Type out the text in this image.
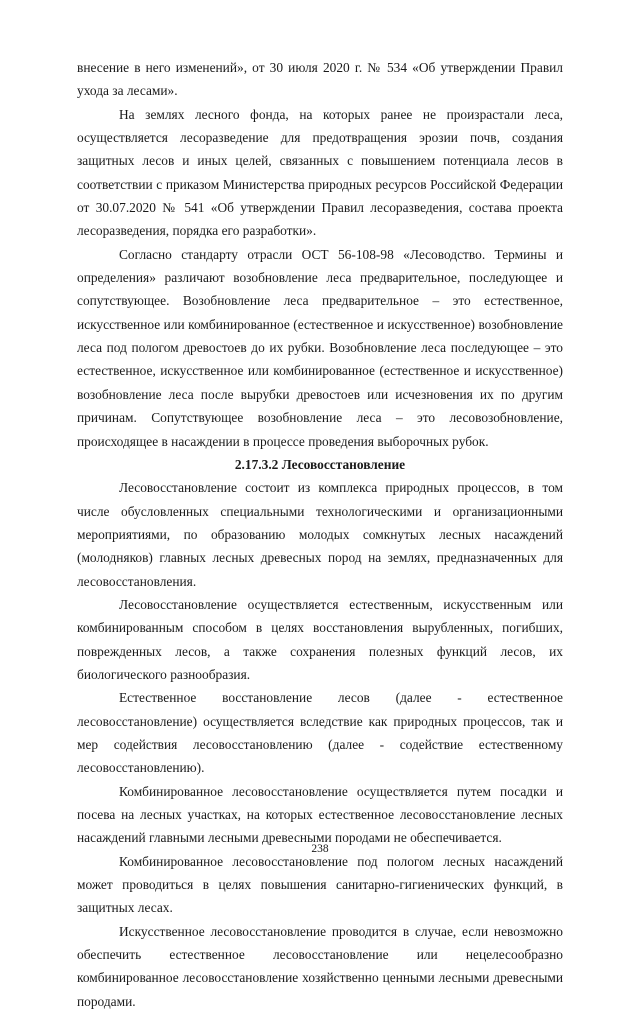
внесение в него изменений», от 30 июля 2020 г. № 534 «Об утверждении Правил ухода за лесами».

На землях лесного фонда, на которых ранее не произрастали леса, осуществляется лесоразведение для предотвращения эрозии почв, создания защитных лесов и иных целей, связанных с повышением потенциала лесов в соответствии с приказом Министерства природных ресурсов Российской Федерации от 30.07.2020 № 541 «Об утверждении Правил лесоразведения, состава проекта лесоразведения, порядка его разработки».

Согласно стандарту отрасли ОСТ 56-108-98 «Лесоводство. Термины и определения» различают возобновление леса предварительное, последующее и сопутствующее. Возобновление леса предварительное – это естественное, искусственное или комбинированное (естественное и искусственное) возобновление леса под пологом древостоев до их рубки. Возобновление леса последующее – это естественное, искусственное или комбинированное (естественное и искусственное) возобновление леса после вырубки древостоев или исчезновения их по другим причинам. Сопутствующее возобновление леса – это лесовозобновление, происходящее в насаждении в процессе проведения выборочных рубок.

2.17.3.2 Лесовосстановление

Лесовосстановление состоит из комплекса природных процессов, в том числе обусловленных специальными технологическими и организационными мероприятиями, по образованию молодых сомкнутых лесных насаждений (молодняков) главных лесных древесных пород на землях, предназначенных для лесовосстановления.

Лесовосстановление осуществляется естественным, искусственным или комбинированным способом в целях восстановления вырубленных, погибших, поврежденных лесов, а также сохранения полезных функций лесов, их биологического разнообразия.

Естественное восстановление лесов (далее - естественное лесовосстановление) осуществляется вследствие как природных процессов, так и мер содействия лесовосстановлению (далее - содействие естественному лесовосстановлению).

Комбинированное лесовосстановление осуществляется путем посадки и посева на лесных участках, на которых естественное лесовосстановление лесных насаждений главными лесными древесными породами не обеспечивается.

Комбинированное лесовосстановление под пологом лесных насаждений может проводиться в целях повышения санитарно-гигиенических функций, в защитных лесах.

Искусственное лесовосстановление проводится в случае, если невозможно обеспечить естественное лесовосстановление или нецелесообразно комбинированное лесовосстановление хозяйственно ценными лесными древесными породами.

238
